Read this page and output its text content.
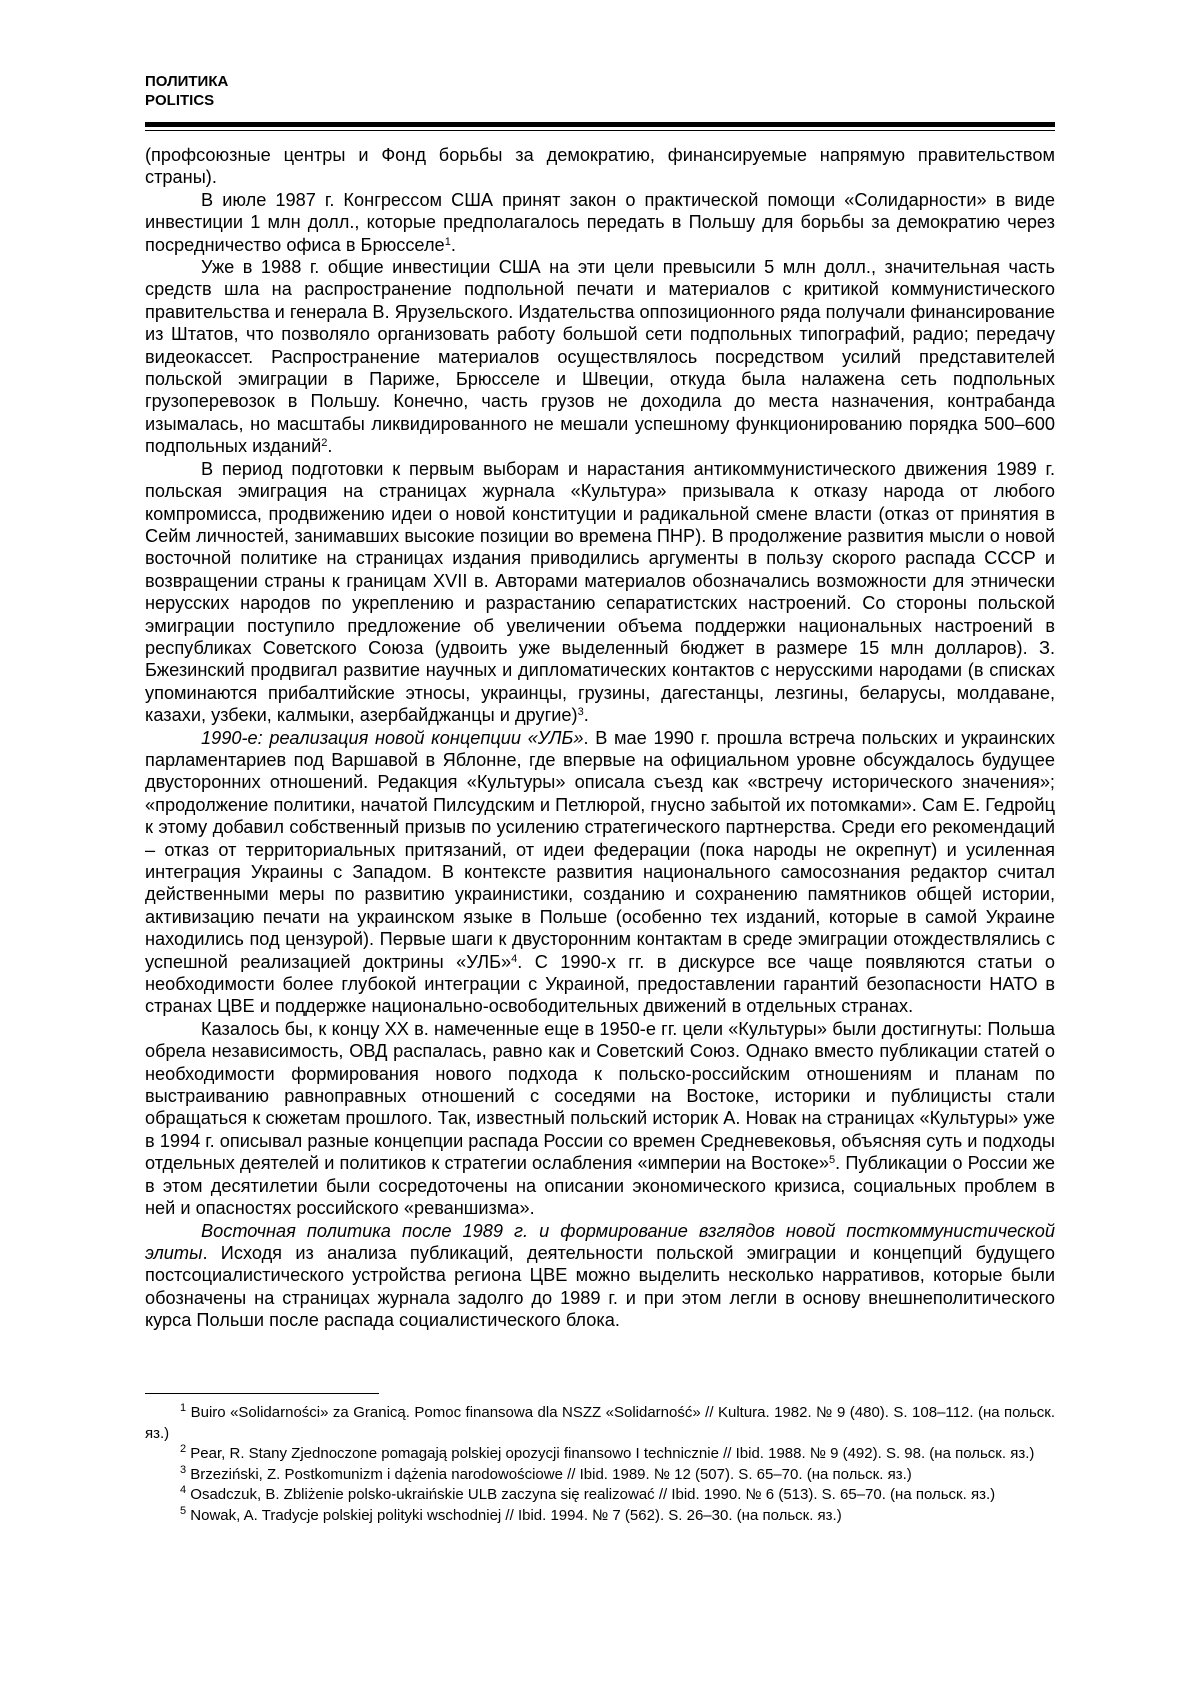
ПОЛИТИКА
POLITICS

(профсоюзные центры и Фонд борьбы за демократию, финансируемые напрямую правительством страны).

В июле 1987 г. Конгрессом США принят закон о практической помощи «Солидарности» в виде инвестиции 1 млн долл., которые предполагалось передать в Польшу для борьбы за демократию через посредничество офиса в Брюсселе$^1$.

Уже в 1988 г. общие инвестиции США на эти цели превысили 5 млн долл., значительная часть средств шла на распространение подпольной печати и материалов с критикой коммунистического правительства и генерала В. Ярузельского. Издательства оппозиционного ряда получали финансирование из Штатов, что позволяло организовать работу большой сети подпольных типографий, радио; передачу видеокассет. Распространение материалов осуществлялось посредством усилий представителей польской эмиграции в Париже, Брюсселе и Швеции, откуда была налажена сеть подпольных грузоперевозок в Польшу. Конечно, часть грузов не доходила до места назначения, контрабанда изымалась, но масштабы ликвидированного не мешали успешному функционированию порядка 500–600 подпольных изданий$^2$.

В период подготовки к первым выборам и нарастания антикоммунистического движения 1989 г. польская эмиграция на страницах журнала «Культура» призывала к отказу народа от любого компромисса, продвижению идеи о новой конституции и радикальной смене власти (отказ от принятия в Сейм личностей, занимавших высокие позиции во времена ПНР). В продолжение развития мысли о новой восточной политике на страницах издания приводились аргументы в пользу скорого распада СССР и возвращении страны к границам XVII в. Авторами материалов обозначались возможности для этнически нерусских народов по укреплению и разрастанию сепаратистских настроений. Со стороны польской эмиграции поступило предложение об увеличении объема поддержки национальных настроений в республиках Советского Союза (удвоить уже выделенный бюджет в размере 15 млн долларов). З. Бжезинский продвигал развитие научных и дипломатических контактов с нерусскими народами (в списках упоминаются прибалтийские этносы, украинцы, грузины, дагестанцы, лезгины, беларусы, молдаване, казахи, узбеки, калмыки, азербайджанцы и другие)$^3$.

1990-е: реализация новой концепции «УЛБ». В мае 1990 г. прошла встреча польских и украинских парламентариев под Варшавой в Яблонне, где впервые на официальном уровне обсуждалось будущее двусторонних отношений. Редакция «Культуры» описала съезд как «встречу исторического значения»; «продолжение политики, начатой Пилсудским и Петлюрой, гнусно забытой их потомками». Сам Е. Гедройц к этому добавил собственный призыв по усилению стратегического партнерства. Среди его рекомендаций – отказ от территориальных притязаний, от идеи федерации (пока народы не окрепнут) и усиленная интеграция Украины с Западом. В контексте развития национального самосознания редактор считал действенными меры по развитию украинистики, созданию и сохранению памятников общей истории, активизацию печати на украинском языке в Польше (особенно тех изданий, которые в самой Украине находились под цензурой). Первые шаги к двусторонним контактам в среде эмиграции отождествлялись с успешной реализацией доктрины «УЛБ»$^4$. С 1990-х гг. в дискурсе все чаще появляются статьи о необходимости более глубокой интеграции с Украиной, предоставлении гарантий безопасности НАТО в странах ЦВЕ и поддержке национально-освободительных движений в отдельных странах.

Казалось бы, к концу XX в. намеченные еще в 1950-е гг. цели «Культуры» были достигнуты: Польша обрела независимость, ОВД распалась, равно как и Советский Союз. Однако вместо публикации статей о необходимости формирования нового подхода к польско-российским отношениям и планам по выстраиванию равноправных отношений с соседями на Востоке, историки и публицисты стали обращаться к сюжетам прошлого. Так, известный польский историк А. Новак на страницах «Культуры» уже в 1994 г. описывал разные концепции распада России со времен Средневековья, объясняя суть и подходы отдельных деятелей и политиков к стратегии ослабления «империи на Востоке»$^5$. Публикации о России же в этом десятилетии были сосредоточены на описании экономического кризиса, социальных проблем в ней и опасностях российского «реваншизма».

Восточная политика после 1989 г. и формирование взглядов новой посткоммунистической элиты. Исходя из анализа публикаций, деятельности польской эмиграции и концепций будущего постсоциалистического устройства региона ЦВЕ можно выделить несколько нарративов, которые были обозначены на страницах журнала задолго до 1989 г. и при этом легли в основу внешнеполитического курса Польши после распада социалистического блока.

$^1$ Buiro «Solidarności» za Granicą. Pomoc finansowa dla NSZZ «Solidarność» // Kultura. 1982. № 9 (480). S. 108–112. (на польск. яз.)

$^2$ Pear, R. Stany Zjednoczone pomagają polskiej opozycji finansowo I technicznie // Ibid. 1988. № 9 (492). S. 98. (на польск. яз.)

$^3$ Brzeziński, Z. Postkomunizm i dążenia narodowościowe // Ibid. 1989. № 12 (507). S. 65–70. (на польск. яз.)

$^4$ Osadczuk, B. Zbliżenie polsko-ukraińskie ULB zaczyna się realizować // Ibid. 1990. № 6 (513). S. 65–70. (на польск. яз.)

$^5$ Nowak, A. Tradycje polskiej polityki wschodniej // Ibid. 1994. № 7 (562). S. 26–30. (на польск. яз.)
